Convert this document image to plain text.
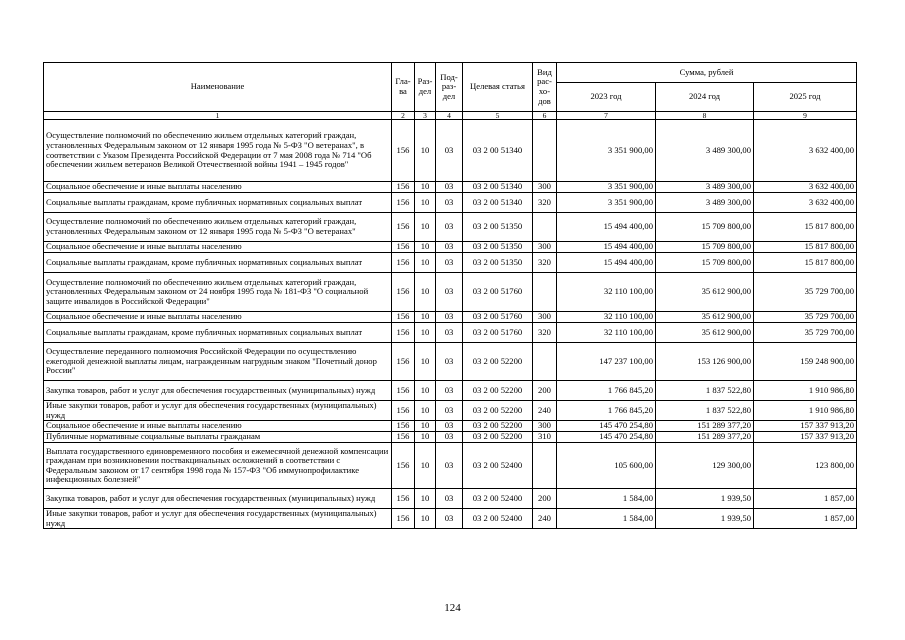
Наименование	Гла-ва	Раз-дел	Под-раз-дел	Целевая статья	Вид рас-хо-дов	Сумма, рублей		
						2023 год	2024 год	2025 год
1	2	3	4	5	6	7	8	9
Осуществление полномочий по обеспечению жильем отдельных категорий граждан, установленных Федеральным законом от 12 января 1995 года № 5-ФЗ "О ветеранах", в соответствии с Указом Президента Российской Федерации от 7 мая 2008 года № 714 "Об обеспечении жильем ветеранов Великой Отечественной войны 1941 – 1945 годов"	156	10	03	03 2 00 51340		3 351 900,00	3 489 300,00	3 632 400,00
Социальное обеспечение и иные выплаты населению	156	10	03	03 2 00 51340	300	3 351 900,00	3 489 300,00	3 632 400,00
Социальные выплаты гражданам, кроме публичных нормативных социальных выплат	156	10	03	03 2 00 51340	320	3 351 900,00	3 489 300,00	3 632 400,00
Осуществление полномочий по обеспечению жильем отдельных категорий граждан, установленных Федеральным законом от 12 января 1995 года № 5-ФЗ "О ветеранах"	156	10	03	03 2 00 51350		15 494 400,00	15 709 800,00	15 817 800,00
Социальное обеспечение и иные выплаты населению	156	10	03	03 2 00 51350	300	15 494 400,00	15 709 800,00	15 817 800,00
Социальные выплаты гражданам, кроме публичных нормативных социальных выплат	156	10	03	03 2 00 51350	320	15 494 400,00	15 709 800,00	15 817 800,00
Осуществление полномочий по обеспечению жильем отдельных категорий граждан, установленных Федеральным законом от 24 ноября 1995 года № 181-ФЗ "О социальной защите инвалидов в Российской Федерации"	156	10	03	03 2 00 51760		32 110 100,00	35 612 900,00	35 729 700,00
Социальное обеспечение и иные выплаты населению	156	10	03	03 2 00 51760	300	32 110 100,00	35 612 900,00	35 729 700,00
Социальные выплаты гражданам, кроме публичных нормативных социальных выплат	156	10	03	03 2 00 51760	320	32 110 100,00	35 612 900,00	35 729 700,00
Осуществление переданного полномочия Российской Федерации по осуществлению ежегодной денежной выплаты лицам, награжденным нагрудным знаком "Почетный донор России"	156	10	03	03 2 00 52200		147 237 100,00	153 126 900,00	159 248 900,00
Закупка товаров, работ и услуг для обеспечения государственных (муниципальных) нужд	156	10	03	03 2 00 52200	200	1 766 845,20	1 837 522,80	1 910 986,80
Иные закупки товаров, работ и услуг для обеспечения государственных (муниципальных) нужд	156	10	03	03 2 00 52200	240	1 766 845,20	1 837 522,80	1 910 986,80
Социальное обеспечение и иные выплаты населению	156	10	03	03 2 00 52200	300	145 470 254,80	151 289 377,20	157 337 913,20
Публичные нормативные социальные выплаты гражданам	156	10	03	03 2 00 52200	310	145 470 254,80	151 289 377,20	157 337 913,20
Выплата государственного единовременного пособия и ежемесячной денежной компенсации гражданам при возникновении поствакцинальных осложнений в соответствии с Федеральным законом от 17 сентября 1998 года № 157-ФЗ "Об иммунопрофилактике инфекционных болезней"	156	10	03	03 2 00 52400		105 600,00	129 300,00	123 800,00
Закупка товаров, работ и услуг для обеспечения государственных (муниципальных) нужд	156	10	03	03 2 00 52400	200	1 584,00	1 939,50	1 857,00
Иные закупки товаров, работ и услуг для обеспечения государственных (муниципальных) нужд	156	10	03	03 2 00 52400	240	1 584,00	1 939,50	1 857,00
124
